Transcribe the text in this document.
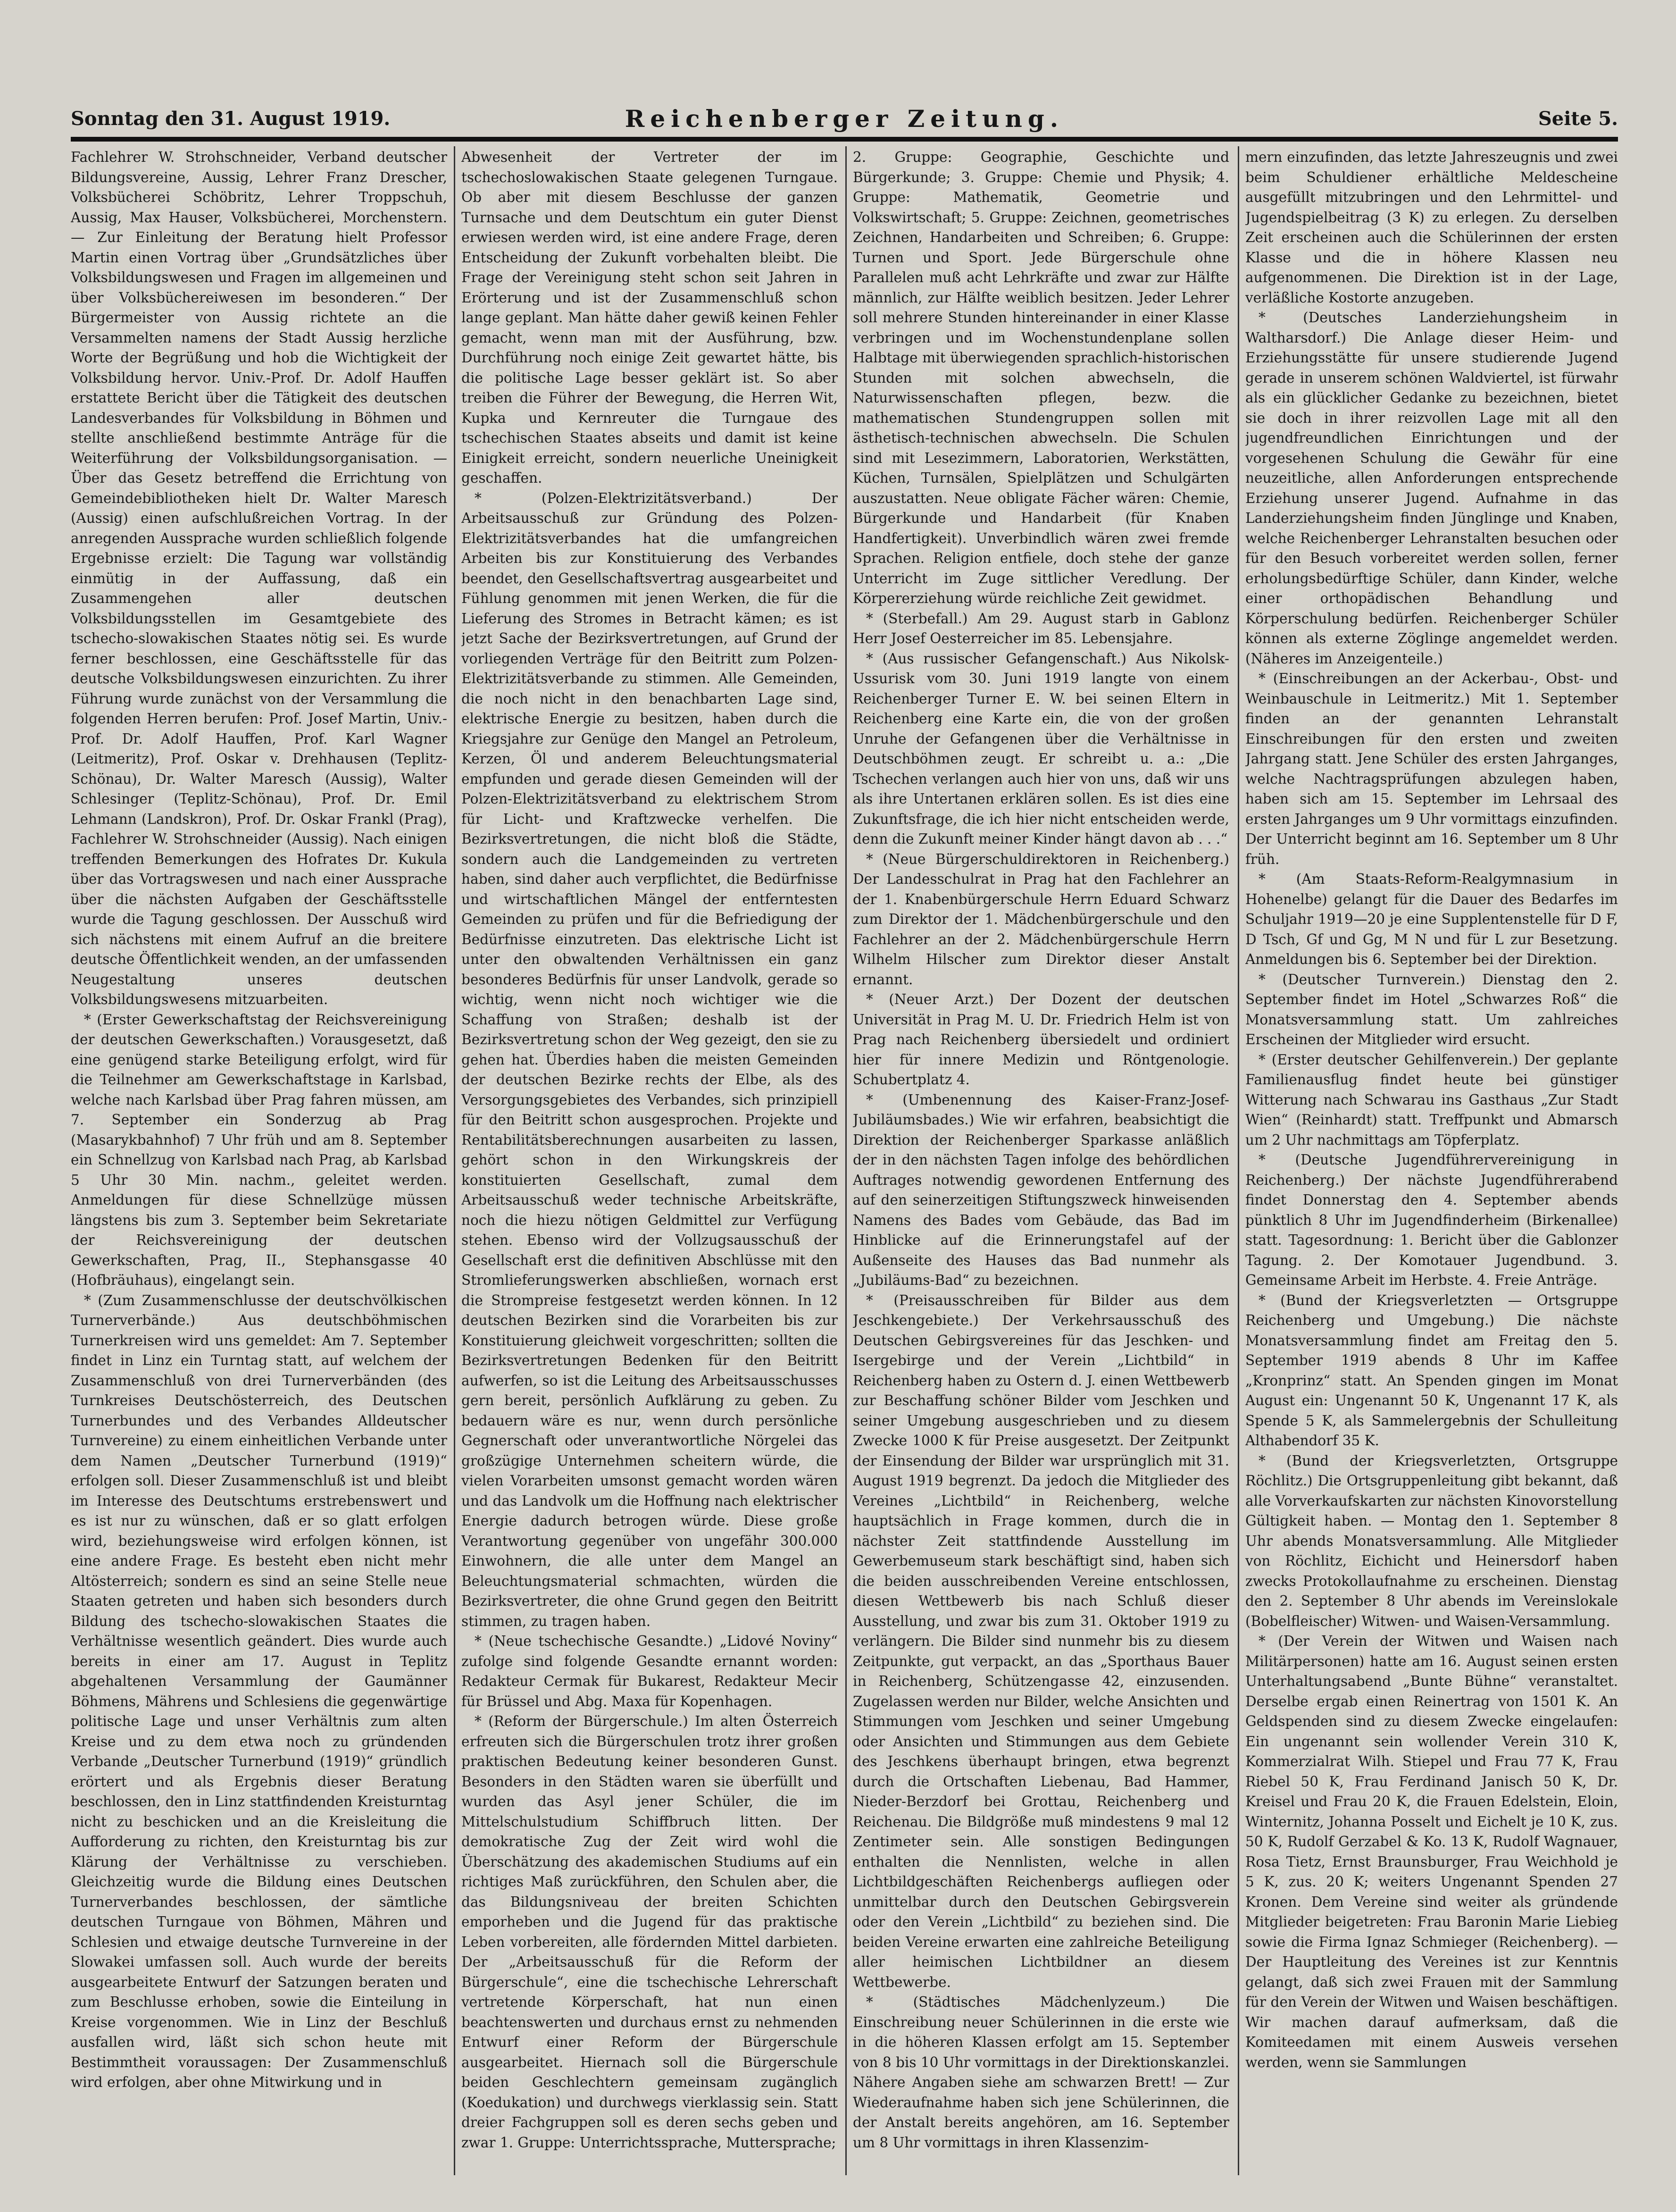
Sonntag den 31. August 1919.	Reichenberger Zeitung.	Seite 5.

Fachlehrer W. Strohschneider, Verband deutscher Bildungsvereine, Aussig, Lehrer Franz Drescher, Volksbücherei Schöbritz, Lehrer Troppschuh, Aussig, Max Hauser, Volksbücherei, Morchenstern. — Zur Einleitung der Beratung hielt Professor Martin einen Vortrag über „Grundsätzliches über Volksbildungswesen und Fragen im allgemeinen und über Volksbüchereiwesen im besonderen.“ Der Bürgermeister von Aussig richtete an die Versammelten namens der Stadt Aussig herzliche Worte der Begrüßung und hob die Wichtigkeit der Volksbildung hervor. Univ.-Prof. Dr. Adolf Hauffen erstattete Bericht über die Tätigkeit des deutschen Landesverbandes für Volksbildung in Böhmen und stellte anschließend bestimmte Anträge für die Weiterführung der Volksbildungsorganisation. — Über das Gesetz betreffend die Errichtung von Gemeindebibliotheken hielt Dr. Walter Maresch (Aussig) einen aufschlußreichen Vortrag. In der anregenden Aussprache wurden schließlich folgende Ergebnisse erzielt: Die Tagung war vollständig einmütig in der Auffassung, daß ein Zusammengehen aller deutschen Volksbildungsstellen im Gesamtgebiete des tschecho-slowakischen Staates nötig sei. Es wurde ferner beschlossen, eine Geschäftsstelle für das deutsche Volksbildungswesen einzurichten. Zu ihrer Führung wurde zunächst von der Versammlung die folgenden Herren berufen: Prof. Josef Martin, Univ.-Prof. Dr. Adolf Hauffen, Prof. Karl Wagner (Leitmeritz), Prof. Oskar v. Drehhausen (Teplitz-Schönau), Dr. Walter Maresch (Aussig), Walter Schlesinger (Teplitz-Schönau), Prof. Dr. Emil Lehmann (Landskron), Prof. Dr. Oskar Frankl (Prag), Fachlehrer W. Strohschneider (Aussig). Nach einigen treffenden Bemerkungen des Hofrates Dr. Kukula über das Vortragswesen und nach einer Aussprache über die nächsten Aufgaben der Geschäftsstelle wurde die Tagung geschlossen. Der Ausschuß wird sich nächstens mit einem Aufruf an die breitere deutsche Öffentlichkeit wenden, an der umfassenden Neugestaltung unseres deutschen Volksbildungswesens mitzuarbeiten.

* (Erster Gewerkschaftstag der Reichsvereinigung der deutschen Gewerkschaften.) Vorausgesetzt, daß eine genügend starke Beteiligung erfolgt, wird für die Teilnehmer am Gewerkschaftstage in Karlsbad, welche nach Karlsbad über Prag fahren müssen, am 7. September ein Sonderzug ab Prag (Masarykbahnhof) 7 Uhr früh und am 8. September ein Schnellzug von Karlsbad nach Prag, ab Karlsbad 5 Uhr 30 Min. nachm., geleitet werden. Anmeldungen für diese Schnellzüge müssen längstens bis zum 3. September beim Sekretariate der Reichsvereinigung der deutschen Gewerkschaften, Prag, II., Stephansgasse 40 (Hofbräuhaus), eingelangt sein.

* (Zum Zusammenschlusse der deutschvölkischen Turnerverbände.) Aus deutschböhmischen Turnerkreisen wird uns gemeldet: Am 7. September findet in Linz ein Turntag statt, auf welchem der Zusammenschluß von drei Turnerverbänden (des Turnkreises Deutschösterreich, des Deutschen Turnerbundes und des Verbandes Alldeutscher Turnvereine) zu einem einheitlichen Verbande unter dem Namen „Deutscher Turnerbund (1919)“ erfolgen soll. Dieser Zusammenschluß ist und bleibt im Interesse des Deutschtums erstrebenswert und es ist nur zu wünschen, daß er so glatt erfolgen wird, beziehungsweise wird erfolgen können, ist eine andere Frage. Es besteht eben nicht mehr Altösterreich; sondern es sind an seine Stelle neue Staaten getreten und haben sich besonders durch Bildung des tschecho-slowakischen Staates die Verhältnisse wesentlich geändert. Dies wurde auch bereits in einer am 17. August in Teplitz abgehaltenen Versammlung der Gaumänner Böhmens, Mährens und Schlesiens die gegenwärtige politische Lage und unser Verhältnis zum alten Kreise und zu dem etwa noch zu gründenden Verbande „Deutscher Turnerbund (1919)“ gründlich erörtert und als Ergebnis dieser Beratung beschlossen, den in Linz stattfindenden Kreisturntag nicht zu beschicken und an die Kreisleitung die Aufforderung zu richten, den Kreisturntag bis zur Klärung der Verhältnisse zu verschieben. Gleichzeitig wurde die Bildung eines Deutschen Turnerverbandes beschlossen, der sämtliche deutschen Turngaue von Böhmen, Mähren und Schlesien und etwaige deutsche Turnvereine in der Slowakei umfassen soll. Auch wurde der bereits ausgearbeitete Entwurf der Satzungen beraten und zum Beschlusse erhoben, sowie die Einteilung in Kreise vorgenommen. Wie in Linz der Beschluß ausfallen wird, läßt sich schon heute mit Bestimmtheit voraussagen: Der Zusammenschluß wird erfolgen, aber ohne Mitwirkung und in

Abwesenheit der Vertreter der im tschechoslowakischen Staate gelegenen Turngaue. Ob aber mit diesem Beschlusse der ganzen Turnsache und dem Deutschtum ein guter Dienst erwiesen werden wird, ist eine andere Frage, deren Entscheidung der Zukunft vorbehalten bleibt. Die Frage der Vereinigung steht schon seit Jahren in Erörterung und ist der Zusammenschluß schon lange geplant. Man hätte daher gewiß keinen Fehler gemacht, wenn man mit der Ausführung, bzw. Durchführung noch einige Zeit gewartet hätte, bis die politische Lage besser geklärt ist. So aber treiben die Führer der Bewegung, die Herren Wit, Kupka und Kernreuter die Turngaue des tschechischen Staates abseits und damit ist keine Einigkeit erreicht, sondern neuerliche Uneinigkeit geschaffen.

* (Polzen-Elektrizitätsverband.) Der Arbeitsausschuß zur Gründung des Polzen-Elektrizitätsverbandes hat die umfangreichen Arbeiten bis zur Konstituierung des Verbandes beendet, den Gesellschaftsvertrag ausgearbeitet und Fühlung genommen mit jenen Werken, die für die Lieferung des Stromes in Betracht kämen; es ist jetzt Sache der Bezirksvertretungen, auf Grund der vorliegenden Verträge für den Beitritt zum Polzen-Elektrizitätsverbande zu stimmen. Alle Gemeinden, die noch nicht in den benachbarten Lage sind, elektrische Energie zu besitzen, haben durch die Kriegsjahre zur Genüge den Mangel an Petroleum, Kerzen, Öl und anderem Beleuchtungsmaterial empfunden und gerade diesen Gemeinden will der Polzen-Elektrizitätsverband zu elektrischem Strom für Licht- und Kraftzwecke verhelfen. Die Bezirksvertretungen, die nicht bloß die Städte, sondern auch die Landgemeinden zu vertreten haben, sind daher auch verpflichtet, die Bedürfnisse und wirtschaftlichen Mängel der entferntesten Gemeinden zu prüfen und für die Befriedigung der Bedürfnisse einzutreten. Das elektrische Licht ist unter den obwaltenden Verhältnissen ein ganz besonderes Bedürfnis für unser Landvolk, gerade so wichtig, wenn nicht noch wichtiger wie die Schaffung von Straßen; deshalb ist der Bezirksvertretung schon der Weg gezeigt, den sie zu gehen hat. Überdies haben die meisten Gemeinden der deutschen Bezirke rechts der Elbe, als des Versorgungsgebietes des Verbandes, sich prinzipiell für den Beitritt schon ausgesprochen. Projekte und Rentabilitätsberechnungen ausarbeiten zu lassen, gehört schon in den Wirkungskreis der konstituierten Gesellschaft, zumal dem Arbeitsausschuß weder technische Arbeitskräfte, noch die hiezu nötigen Geldmittel zur Verfügung stehen. Ebenso wird der Vollzugsausschuß der Gesellschaft erst die definitiven Abschlüsse mit den Stromlieferungswerken abschließen, wornach erst die Strompreise festgesetzt werden können. In 12 deutschen Bezirken sind die Vorarbeiten bis zur Konstituierung gleichweit vorgeschritten; sollten die Bezirksvertretungen Bedenken für den Beitritt aufwerfen, so ist die Leitung des Arbeitsausschusses gern bereit, persönlich Aufklärung zu geben. Zu bedauern wäre es nur, wenn durch persönliche Gegnerschaft oder unverantwortliche Nörgelei das großzügige Unternehmen scheitern würde, die vielen Vorarbeiten umsonst gemacht worden wären und das Landvolk um die Hoffnung nach elektrischer Energie dadurch betrogen würde. Diese große Verantwortung gegenüber von ungefähr 300.000 Einwohnern, die alle unter dem Mangel an Beleuchtungsmaterial schmachten, würden die Bezirksvertreter, die ohne Grund gegen den Beitritt stimmen, zu tragen haben.

* (Neue tschechische Gesandte.) „Lidové Noviny“ zufolge sind folgende Gesandte ernannt worden: Redakteur Cermak für Bukarest, Redakteur Mecir für Brüssel und Abg. Maxa für Kopenhagen.

* (Reform der Bürgerschule.) Im alten Österreich erfreuten sich die Bürgerschulen trotz ihrer großen praktischen Bedeutung keiner besonderen Gunst. Besonders in den Städten waren sie überfüllt und wurden das Asyl jener Schüler, die im Mittelschulstudium Schiffbruch litten. Der demokratische Zug der Zeit wird wohl die Überschätzung des akademischen Studiums auf ein richtiges Maß zurückführen, den Schulen aber, die das Bildungsniveau der breiten Schichten emporheben und die Jugend für das praktische Leben vorbereiten, alle fördernden Mittel darbieten. Der „Arbeitsausschuß für die Reform der Bürgerschule“, eine die tschechische Lehrerschaft vertretende Körperschaft, hat nun einen beachtenswerten und durchaus ernst zu nehmenden Entwurf einer Reform der Bürgerschule ausgearbeitet. Hiernach soll die Bürgerschule beiden Geschlechtern gemeinsam zugänglich (Koedukation) und durchwegs vierklassig sein. Statt dreier Fachgruppen soll es deren sechs geben und zwar 1. Gruppe: Unterrichtssprache, Muttersprache;

2. Gruppe: Geographie, Geschichte und Bürgerkunde; 3. Gruppe: Chemie und Physik; 4. Gruppe: Mathematik, Geometrie und Volkswirtschaft; 5. Gruppe: Zeichnen, geometrisches Zeichnen, Handarbeiten und Schreiben; 6. Gruppe: Turnen und Sport. Jede Bürgerschule ohne Parallelen muß acht Lehrkräfte und zwar zur Hälfte männlich, zur Hälfte weiblich besitzen. Jeder Lehrer soll mehrere Stunden hintereinander in einer Klasse verbringen und im Wochenstundenplane sollen Halbtage mit überwiegenden sprachlich-historischen Stunden mit solchen abwechseln, die Naturwissenschaften pflegen, bezw. die mathematischen Stundengruppen sollen mit ästhetisch-technischen abwechseln. Die Schulen sind mit Lesezimmern, Laboratorien, Werkstätten, Küchen, Turnsälen, Spielplätzen und Schulgärten auszustatten. Neue obligate Fächer wären: Chemie, Bürgerkunde und Handarbeit (für Knaben Handfertigkeit). Unverbindlich wären zwei fremde Sprachen. Religion entfiele, doch stehe der ganze Unterricht im Zuge sittlicher Veredlung. Der Körpererziehung würde reichliche Zeit gewidmet.

* (Sterbefall.) Am 29. August starb in Gablonz Herr Josef Oesterreicher im 85. Lebensjahre.

* (Aus russischer Gefangenschaft.) Aus Nikolsk-Ussurisk vom 30. Juni 1919 langte von einem Reichenberger Turner E. W. bei seinen Eltern in Reichenberg eine Karte ein, die von der großen Unruhe der Gefangenen über die Verhältnisse in Deutschböhmen zeugt. Er schreibt u. a.: „Die Tschechen verlangen auch hier von uns, daß wir uns als ihre Untertanen erklären sollen. Es ist dies eine Zukunftsfrage, die ich hier nicht entscheiden werde, denn die Zukunft meiner Kinder hängt davon ab . . .“

* (Neue Bürgerschuldirektoren in Reichenberg.) Der Landesschulrat in Prag hat den Fachlehrer an der 1. Knabenbürgerschule Herrn Eduard Schwarz zum Direktor der 1. Mädchenbürgerschule und den Fachlehrer an der 2. Mädchenbürgerschule Herrn Wilhelm Hilscher zum Direktor dieser Anstalt ernannt.

* (Neuer Arzt.) Der Dozent der deutschen Universität in Prag M. U. Dr. Friedrich Helm ist von Prag nach Reichenberg übersiedelt und ordiniert hier für innere Medizin und Röntgenologie. Schubertplatz 4.

* (Umbenennung des Kaiser-Franz-Josef-Jubiläumsbades.) Wie wir erfahren, beabsichtigt die Direktion der Reichenberger Sparkasse anläßlich der in den nächsten Tagen infolge des behördlichen Auftrages notwendig gewordenen Entfernung des auf den seinerzeitigen Stiftungszweck hinweisenden Namens des Bades vom Gebäude, das Bad im Hinblicke auf die Erinnerungstafel auf der Außenseite des Hauses das Bad nunmehr als „Jubiläums-Bad“ zu bezeichnen.

* (Preisausschreiben für Bilder aus dem Jeschkengebiete.) Der Verkehrsausschuß des Deutschen Gebirgsvereines für das Jeschken- und Isergebirge und der Verein „Lichtbild“ in Reichenberg haben zu Ostern d. J. einen Wettbewerb zur Beschaffung schöner Bilder vom Jeschken und seiner Umgebung ausgeschrieben und zu diesem Zwecke 1000 K für Preise ausgesetzt. Der Zeitpunkt der Einsendung der Bilder war ursprünglich mit 31. August 1919 begrenzt. Da jedoch die Mitglieder des Vereines „Lichtbild“ in Reichenberg, welche hauptsächlich in Frage kommen, durch die in nächster Zeit stattfindende Ausstellung im Gewerbemuseum stark beschäftigt sind, haben sich die beiden ausschreibenden Vereine entschlossen, diesen Wettbewerb bis nach Schluß dieser Ausstellung, und zwar bis zum 31. Oktober 1919 zu verlängern. Die Bilder sind nunmehr bis zu diesem Zeitpunkte, gut verpackt, an das „Sporthaus Bauer in Reichenberg, Schützengasse 42, einzusenden. Zugelassen werden nur Bilder, welche Ansichten und Stimmungen vom Jeschken und seiner Umgebung oder Ansichten und Stimmungen aus dem Gebiete des Jeschkens überhaupt bringen, etwa begrenzt durch die Ortschaften Liebenau, Bad Hammer, Nieder-Berzdorf bei Grottau, Reichenberg und Reichenau. Die Bildgröße muß mindestens 9 mal 12 Zentimeter sein. Alle sonstigen Bedingungen enthalten die Nennlisten, welche in allen Lichtbildgeschäften Reichenbergs aufliegen oder unmittelbar durch den Deutschen Gebirgsverein oder den Verein „Lichtbild“ zu beziehen sind. Die beiden Vereine erwarten eine zahlreiche Beteiligung aller heimischen Lichtbildner an diesem Wettbewerbe.

* (Städtisches Mädchenlyzeum.) Die Einschreibung neuer Schülerinnen in die erste wie in die höheren Klassen erfolgt am 15. September von 8 bis 10 Uhr vormittags in der Direktionskanzlei. Nähere Angaben siehe am schwarzen Brett! — Zur Wiederaufnahme haben sich jene Schülerinnen, die der Anstalt bereits angehören, am 16. September um 8 Uhr vormittags in ihren Klassenzim-

mern einzufinden, das letzte Jahreszeugnis und zwei beim Schuldiener erhältliche Meldescheine ausgefüllt mitzubringen und den Lehrmittel- und Jugendspielbeitrag (3 K) zu erlegen. Zu derselben Zeit erscheinen auch die Schülerinnen der ersten Klasse und die in höhere Klassen neu aufgenommenen. Die Direktion ist in der Lage, verläßliche Kostorte anzugeben.

* (Deutsches Landerziehungsheim in Waltharsdorf.) Die Anlage dieser Heim- und Erziehungsstätte für unsere studierende Jugend gerade in unserem schönen Waldviertel, ist fürwahr als ein glücklicher Gedanke zu bezeichnen, bietet sie doch in ihrer reizvollen Lage mit all den jugendfreundlichen Einrichtungen und der vorgesehenen Schulung die Gewähr für eine neuzeitliche, allen Anforderungen entsprechende Erziehung unserer Jugend. Aufnahme in das Landerziehungsheim finden Jünglinge und Knaben, welche Reichenberger Lehranstalten besuchen oder für den Besuch vorbereitet werden sollen, ferner erholungsbedürftige Schüler, dann Kinder, welche einer orthopädischen Behandlung und Körperschulung bedürfen. Reichenberger Schüler können als externe Zöglinge angemeldet werden. (Näheres im Anzeigenteile.)

* (Einschreibungen an der Ackerbau-, Obst- und Weinbauschule in Leitmeritz.) Mit 1. September finden an der genannten Lehranstalt Einschreibungen für den ersten und zweiten Jahrgang statt. Jene Schüler des ersten Jahrganges, welche Nachtragsprüfungen abzulegen haben, haben sich am 15. September im Lehrsaal des ersten Jahrganges um 9 Uhr vormittags einzufinden. Der Unterricht beginnt am 16. September um 8 Uhr früh.

* (Am Staats-Reform-Realgymnasium in Hohenelbe) gelangt für die Dauer des Bedarfes im Schuljahr 1919—20 je eine Supplentenstelle für D F, D Tsch, Gf und Gg, M N und für L zur Besetzung. Anmeldungen bis 6. September bei der Direktion.

* (Deutscher Turnverein.) Dienstag den 2. September findet im Hotel „Schwarzes Roß“ die Monatsversammlung statt. Um zahlreiches Erscheinen der Mitglieder wird ersucht.

* (Erster deutscher Gehilfenverein.) Der geplante Familienausflug findet heute bei günstiger Witterung nach Schwarau ins Gasthaus „Zur Stadt Wien“ (Reinhardt) statt. Treffpunkt und Abmarsch um 2 Uhr nachmittags am Töpferplatz.

* (Deutsche Jugendführervereinigung in Reichenberg.) Der nächste Jugendführerabend findet Donnerstag den 4. September abends pünktlich 8 Uhr im Jugendfinderheim (Birkenallee) statt. Tagesordnung: 1. Bericht über die Gablonzer Tagung. 2. Der Komotauer Jugendbund. 3. Gemeinsame Arbeit im Herbste. 4. Freie Anträge.

* (Bund der Kriegsverletzten — Ortsgruppe Reichenberg und Umgebung.) Die nächste Monatsversammlung findet am Freitag den 5. September 1919 abends 8 Uhr im Kaffee „Kronprinz“ statt. An Spenden gingen im Monat August ein: Ungenannt 50 K, Ungenannt 17 K, als Spende 5 K, als Sammelergebnis der Schulleitung Althabendorf 35 K.

* (Bund der Kriegsverletzten, Ortsgruppe Röchlitz.) Die Ortsgruppenleitung gibt bekannt, daß alle Vorverkaufskarten zur nächsten Kinovorstellung Gültigkeit haben. — Montag den 1. September 8 Uhr abends Monatsversammlung. Alle Mitglieder von Röchlitz, Eichicht und Heinersdorf haben zwecks Protokollaufnahme zu erscheinen. Dienstag den 2. September 8 Uhr abends im Vereinslokale (Bobelfleischer) Witwen- und Waisen-Versammlung.

* (Der Verein der Witwen und Waisen nach Militärpersonen) hatte am 16. August seinen ersten Unterhaltungsabend „Bunte Bühne“ veranstaltet. Derselbe ergab einen Reinertrag von 1501 K. An Geldspenden sind zu diesem Zwecke eingelaufen: Ein ungenannt sein wollender Verein 310 K, Kommerzialrat Wilh. Stiepel und Frau 77 K, Frau Riebel 50 K, Frau Ferdinand Janisch 50 K, Dr. Kreisel und Frau 20 K, die Frauen Edelstein, Eloin, Winternitz, Johanna Posselt und Eichelt je 10 K, zus. 50 K, Rudolf Gerzabel & Ko. 13 K, Rudolf Wagnauer, Rosa Tietz, Ernst Braunsburger, Frau Weichhold je 5 K, zus. 20 K; weiters Ungenannt Spenden 27 Kronen. Dem Vereine sind weiter als gründende Mitglieder beigetreten: Frau Baronin Marie Liebieg sowie die Firma Ignaz Schmieger (Reichenberg). — Der Hauptleitung des Vereines ist zur Kenntnis gelangt, daß sich zwei Frauen mit der Sammlung für den Verein der Witwen und Waisen beschäftigen. Wir machen darauf aufmerksam, daß die Komiteedamen mit einem Ausweis versehen werden, wenn sie Sammlungen
